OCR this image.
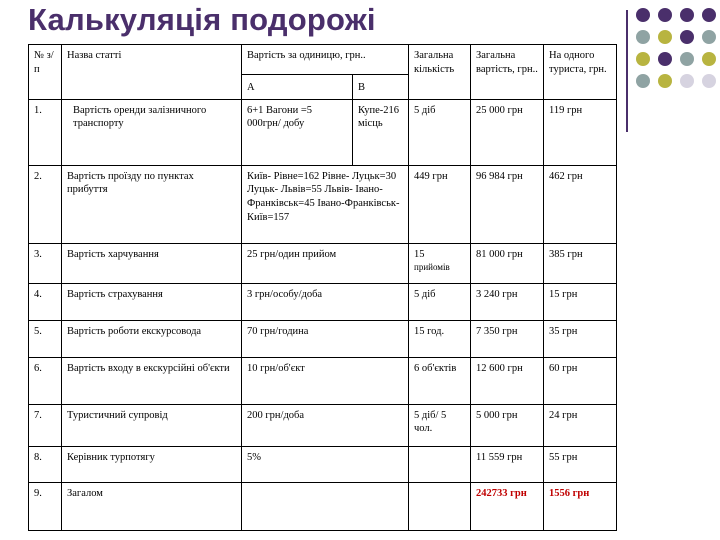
Калькуляція подорожі
№ з/п	Назва статті	Вартість за одиницю, грн..		Загальна кількість	Загальна вартість, грн..	На одного туриста, грн.
		А	В			
1.	Вартість оренди залізничного транспорту	6+1 Вагони =5 000грн/ добу	Купе-216 місць	5 діб	25 000 грн	119 грн
2.	Вартість проїзду по пунктах прибуття	Київ- Рівне=162 Рівне- Луцьк=30 Луцьк- Львів=55 Львів- Івано-Франківськ=45 Івано-Франківськ- Київ=157		449 грн	96 984 грн	462 грн
3.	Вартість харчування	25 грн/один прийом		15
прийомів	81 000 грн	385 грн
4.	Вартість страхування	3 грн/особу/доба		5 діб	3 240 грн	15 грн
5.	Вартість роботи екскурсовода	70 грн/година		15 год.	7 350 грн	35 грн
6.	Вартість входу в екскурсійні об'єкти	10 грн/об'єкт		6 об'єктів	12 600 грн	60 грн
7.	Туристичний супровід	200 грн/доба		5 діб/ 5 чол.	5 000 грн	24 грн
8.	Керівник турпотягу	5%			11 559 грн	55 грн
9.	Загалом				242733 грн	1556 грн
